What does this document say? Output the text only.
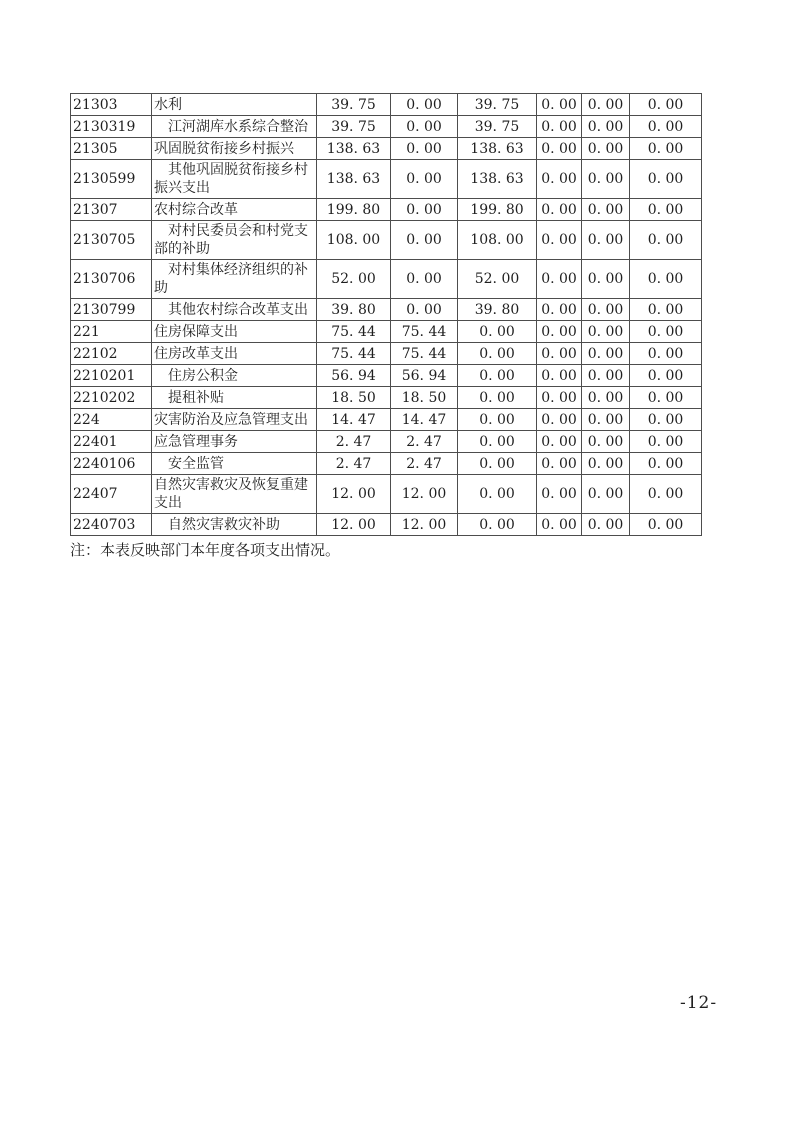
21303	水利	39. 75	0. 00	39. 75	0. 00	0. 00	0. 00
2130319	江河湖库水系综合整治	39. 75	0. 00	39. 75	0. 00	0. 00	0. 00
21305	巩固脱贫衔接乡村振兴	138. 63	0. 00	138. 63	0. 00	0. 00	0. 00
2130599	其他巩固脱贫衔接乡村振兴支出	138. 63	0. 00	138. 63	0. 00	0. 00	0. 00
21307	农村综合改革	199. 80	0. 00	199. 80	0. 00	0. 00	0. 00
2130705	对村民委员会和村党支部的补助	108. 00	0. 00	108. 00	0. 00	0. 00	0. 00
2130706	对村集体经济组织的补助	52. 00	0. 00	52. 00	0. 00	0. 00	0. 00
2130799	其他农村综合改革支出	39. 80	0. 00	39. 80	0. 00	0. 00	0. 00
221	住房保障支出	75. 44	75. 44	0. 00	0. 00	0. 00	0. 00
22102	住房改革支出	75. 44	75. 44	0. 00	0. 00	0. 00	0. 00
2210201	住房公积金	56. 94	56. 94	0. 00	0. 00	0. 00	0. 00
2210202	提租补贴	18. 50	18. 50	0. 00	0. 00	0. 00	0. 00
224	灾害防治及应急管理支出	14. 47	14. 47	0. 00	0. 00	0. 00	0. 00
22401	应急管理事务	2. 47	2. 47	0. 00	0. 00	0. 00	0. 00
2240106	安全监管	2. 47	2. 47	0. 00	0. 00	0. 00	0. 00
22407	自然灾害救灾及恢复重建支出	12. 00	12. 00	0. 00	0. 00	0. 00	0. 00
2240703	自然灾害救灾补助	12. 00	12. 00	0. 00	0. 00	0. 00	0. 00

注：本表反映部门本年度各项支出情况。

-12-
